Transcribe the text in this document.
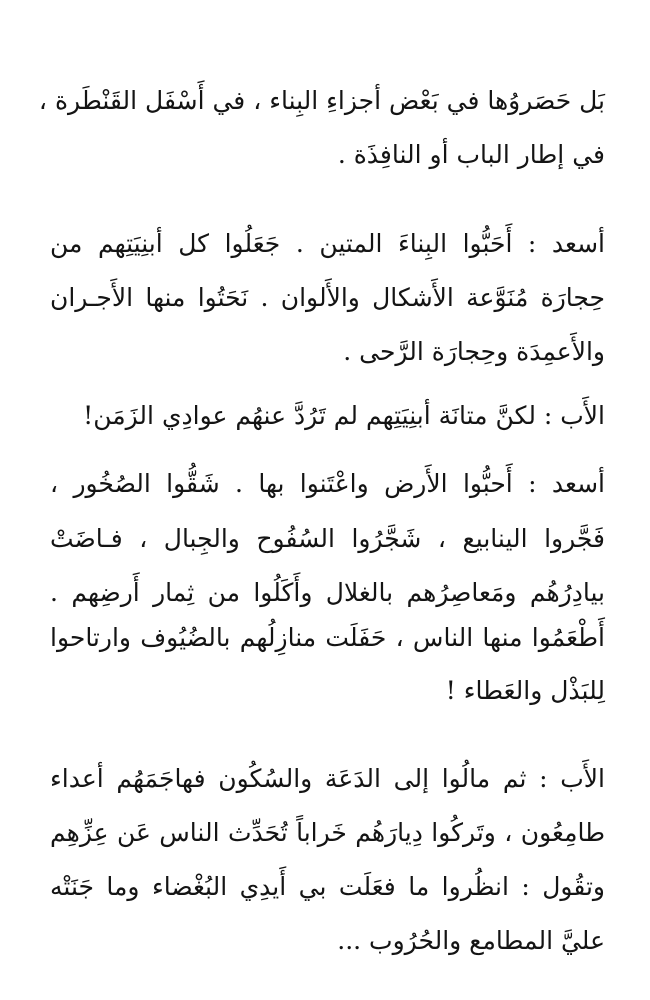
بَل حَصَروُها في بَعْض أجزاءِ البِناء ، في أَسْفَل القَنْطَرة ،
في إطار الباب أو النافِذَة .
أسعد : أَحَبُّوا البِناءَ المتين . جَعَلُوا كل أبنِيَتِهم من
حِجارَة مُنَوَّعة الأَشكال والأَلوان . نَحَتُوا منها الأَجـران
والأَعمِدَة وحِجارَة الرَّحى .
الأَب : لكنَّ متانَة أبنِيَتِهم لم تَرُدَّ عنهُم عوادِي الزَمَن!
أسعد : أَحبُّوا الأَرض واعْتَنوا بها . شَقُّوا الصُخُور ،
فَجَّروا الينابيع ، شَجَّرُوا السُفُوح والجِبال ، فـاضَتْ
بيادِرُهُم ومَعاصِرُهم بالغلال وأَكَلُوا من ثِمار أَرضِهم .
أَطْعَمُوا منها الناس ، حَفَلَت منازِلُهم بالضُيُوف وارتاحوا
لِلبَذْل والعَطاء !
الأَب : ثم مالُوا إلى الدَعَة والسُكُون فهاجَمَهُم أعداء
طامِعُون ، وتَركُوا دِيارَهُم خَراباً تُحَدِّث الناس عَن عِزِّهِم
وتقُول : انظُروا ما فعَلَت بي أَيدِي البُغْضاء وما جَنَتْه
عليَّ المطامع والحُرُوب ...
